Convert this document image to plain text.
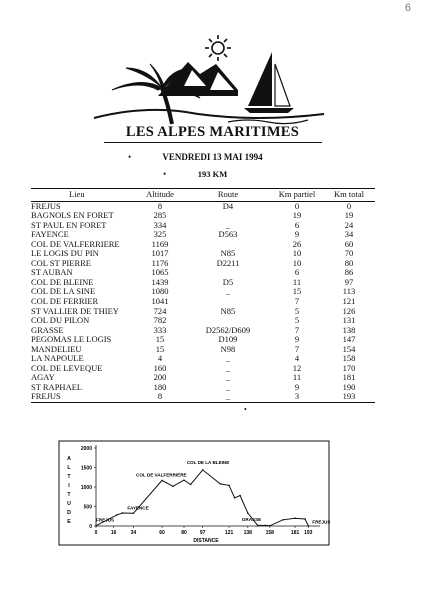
6
LES ALPES MARITIMES
•	VENDREDI 13 MAI 1994
•	193 KM
Lieu	Altitude	Route	Km partiel	Km total
FREJUS	8	D4	0	0
BAGNOLS EN FORET	285		19	19
ST PAUL EN FORET	334	_	6	24
FAYENCE	325	D563	9	34
COL DE VALFERRIERE	1169		26	60
LE LOGIS DU PIN	1017	N85	10	70
COL ST PIERRE	1176	D2211	10	80
ST AUBAN	1065		6	86
COL DE BLEINE	1439	D5	11	97
COL DE LA SINE	1080	_	15	113
COL DE FERRIER	1041		7	121
ST VALLIER DE THIEY	724	N85	5	126
COL DU PILON	782		5	131
GRASSE	333	D2562/D609	7	138
PEGOMAS LE LOGIS	15	D109	9	147
MANDELIEU	15	N98	7	154
LA NAPOULE	4	_	4	158
COL DE LEVEQUE	160	_	12	170
AGAY	200	_	11	181
ST RAPHAEL	180	_	9	190
FREJUS	8	_	3	193
•
0
500
1000
1500
2000
0	16	34	60	80	97	121 138	158	181 193
DISTANCE
A L T I T U D E	FREJUS
FAYENCE
COL DE VALFERRIERE
COL DE LA BLEINE
GRASSE
FREJUS
